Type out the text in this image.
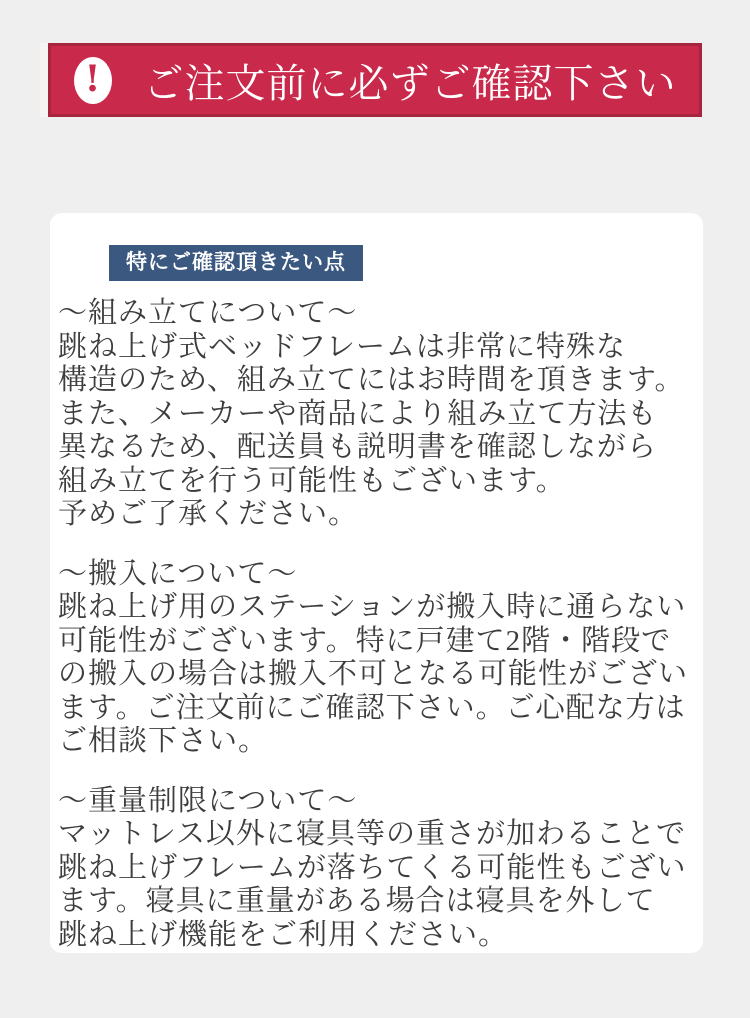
! ご注文前に必ずご確認下さい
特にご確認頂きたい点
〜組み立てについて〜
跳ね上げ式ベッドフレームは非常に特殊な
構造のため、組み立てにはお時間を頂きます。
また、メーカーや商品により組み立て方法も
異なるため、配送員も説明書を確認しながら
組み立てを行う可能性もございます。
予めご了承ください。
〜搬入について〜
跳ね上げ用のステーションが搬入時に通らない
可能性がございます。特に戸建て2階・階段で
の搬入の場合は搬入不可となる可能性がござい
ます。ご注文前にご確認下さい。ご心配な方は
ご相談下さい。
〜重量制限について〜
マットレス以外に寝具等の重さが加わることで
跳ね上げフレームが落ちてくる可能性もござい
ます。寝具に重量がある場合は寝具を外して
跳ね上げ機能をご利用ください。
